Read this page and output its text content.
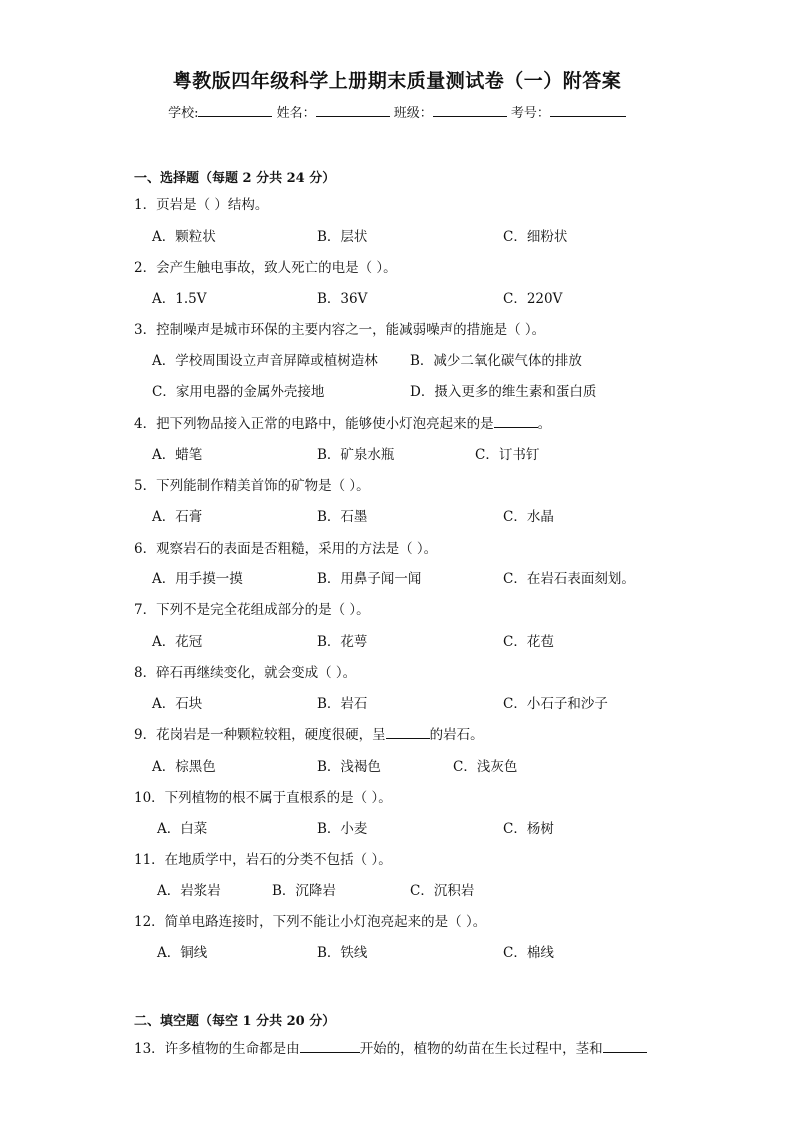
粤教版四年级科学上册期末质量测试卷（一）附答案
学校:	姓名：	班级：	考号：
一、选择题（每题 2 分共 24 分）
1．页岩是（ ）结构。
A．颗粒状	B．层状	C．细粉状
2．会产生触电事故，致人死亡的电是（ ）。
A．1.5V	B．36V	C．220V
3．控制噪声是城市环保的主要内容之一，能减弱噪声的措施是（ ）。
A．学校周围设立声音屏障或植树造林 B．减少二氧化碳气体的排放
C．家用电器的金属外壳接地	D．摄入更多的维生素和蛋白质
4．把下列物品接入正常的电路中，能够使小灯泡亮起来的是	。
A．蜡笔	B．矿泉水瓶	C．订书钉
5．下列能制作精美首饰的矿物是（ ）。
A．石膏	B．石墨	C．水晶
6．观察岩石的表面是否粗糙，采用的方法是（ ）。
A．用手摸一摸	B．用鼻子闻一闻	C．在岩石表面刻划。
7．下列不是完全花组成部分的是（ ）。
A．花冠	B．花萼	C．花苞
8．碎石再继续变化，就会变成（ ）。
A．石块	B．岩石	C．小石子和沙子
9．花岗岩是一种颗粒较粗，硬度很硬，呈	的岩石。
A．棕黑色	B．浅褐色	C．浅灰色
10．下列植物的根不属于直根系的是（ ）。
A．白菜	B．小麦	C．杨树
11．在地质学中，岩石的分类不包括（ ）。
A．岩浆岩	B．沉降岩	C．沉积岩
12．简单电路连接时，下列不能让小灯泡亮起来的是（ ）。
A．铜线	B．铁线	C．棉线
二、填空题（每空 1 分共 20 分）
13．许多植物的生命都是由	开始的，植物的幼苗在生长过程中，茎和
